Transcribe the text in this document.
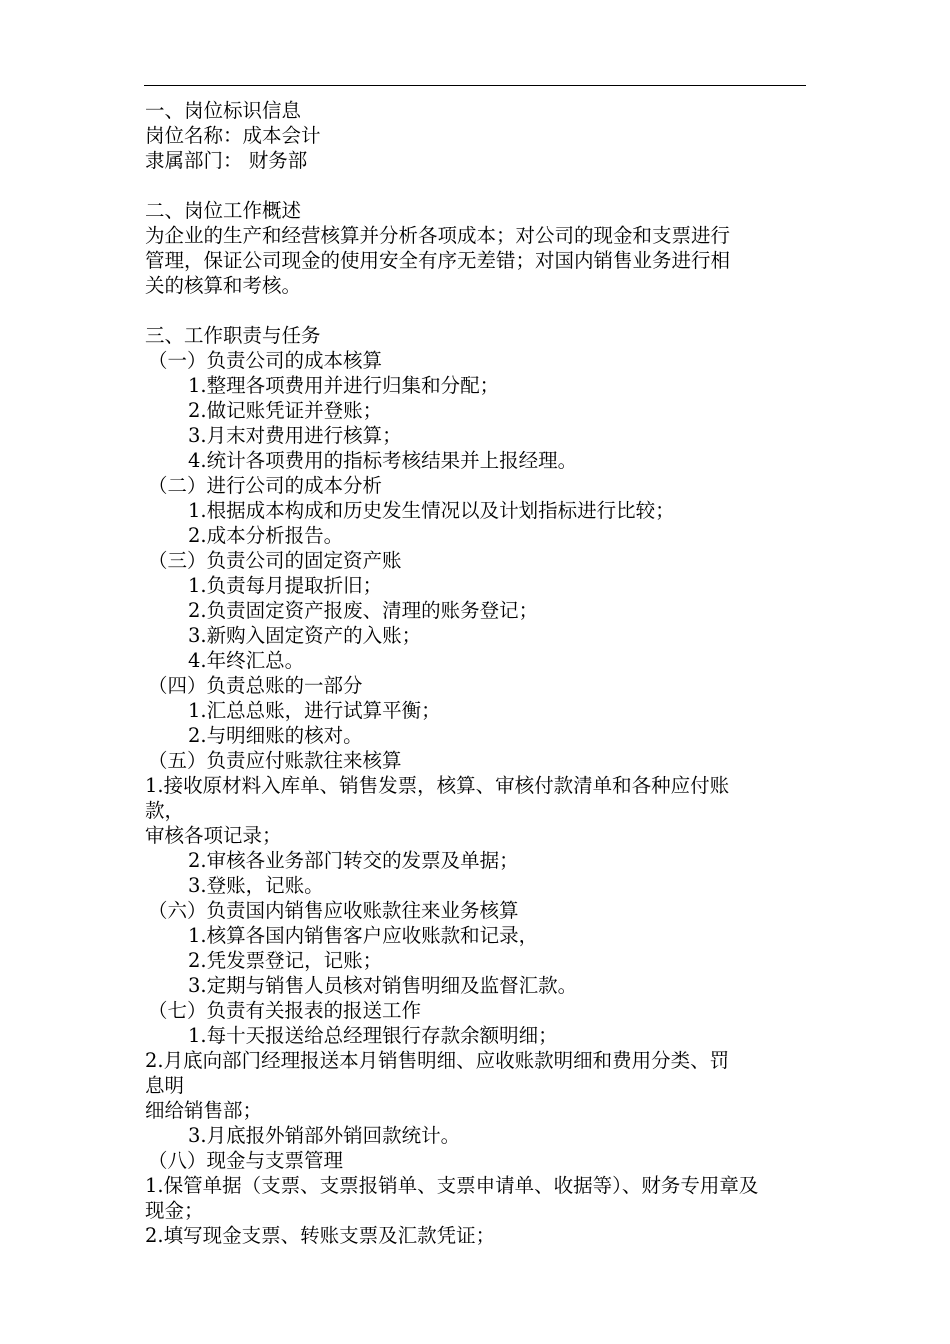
一、岗位标识信息
岗位名称：成本会计
隶属部门： 财务部
二、岗位工作概述
为企业的生产和经营核算并分析各项成本；对公司的现金和支票进行
管理，保证公司现金的使用安全有序无差错；对国内销售业务进行相
关的核算和考核。
三、工作职责与任务
（一）负责公司的成本核算
1.整理各项费用并进行归集和分配；
2.做记账凭证并登账；
3.月末对费用进行核算；
4.统计各项费用的指标考核结果并上报经理。
（二）进行公司的成本分析
1.根据成本构成和历史发生情况以及计划指标进行比较；
2.成本分析报告。
（三）负责公司的固定资产账
1.负责每月提取折旧；
2.负责固定资产报废、清理的账务登记；
3.新购入固定资产的入账；
4.年终汇总。
（四）负责总账的一部分
1.汇总总账，进行试算平衡；
2.与明细账的核对。
（五）负责应付账款往来核算
1.接收原材料入库单、销售发票，核算、审核付款清单和各种应付账
款，
审核各项记录；
2.审核各业务部门转交的发票及单据；
3.登账，记账。
（六）负责国内销售应收账款往来业务核算
1.核算各国内销售客户应收账款和记录，
2.凭发票登记，记账；
3.定期与销售人员核对销售明细及监督汇款。
（七）负责有关报表的报送工作
1.每十天报送给总经理银行存款余额明细；
2.月底向部门经理报送本月销售明细、应收账款明细和费用分类、罚
息明
细给销售部；
3.月底报外销部外销回款统计。
（八）现金与支票管理
1.保管单据（支票、支票报销单、支票申请单、收据等）、财务专用章及
现金；
2.填写现金支票、转账支票及汇款凭证；
